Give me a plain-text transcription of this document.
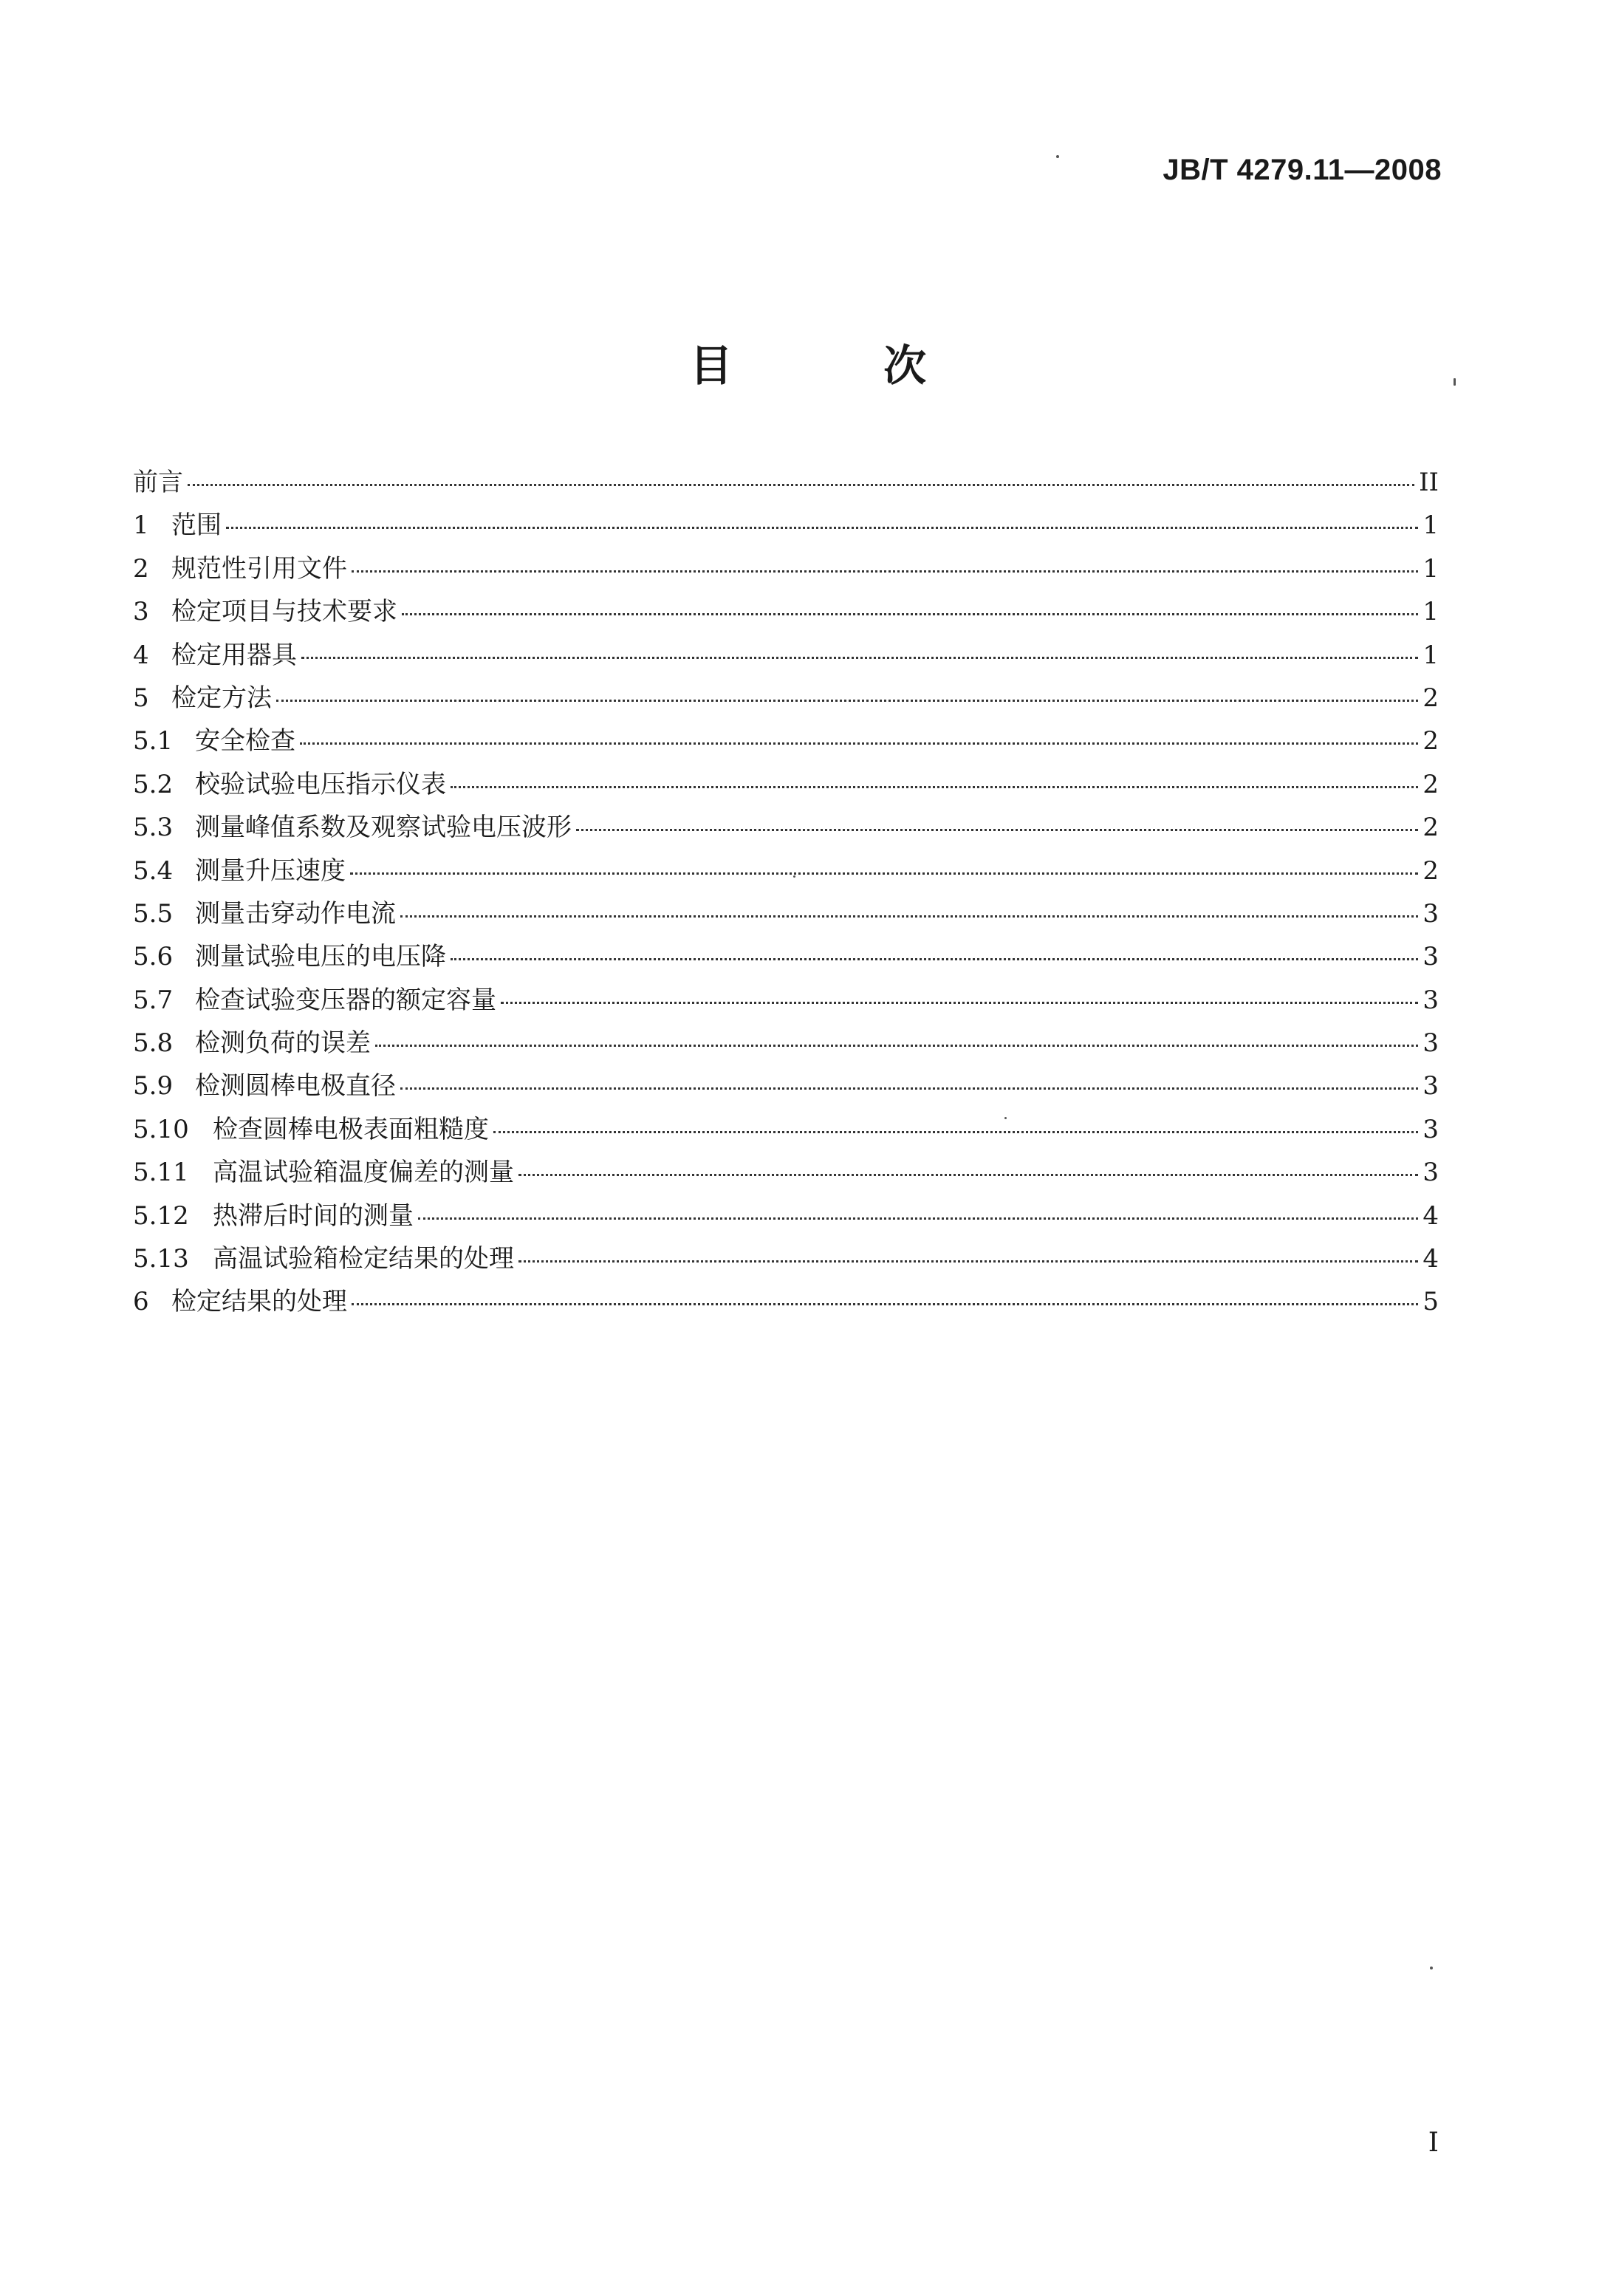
JB/T 4279.11—2008
目 次
前言	II
1 范围	1
2 规范性引用文件	1
3 检定项目与技术要求	1
4 检定用器具	1
5 检定方法	2
5.1 安全检查	2
5.2 校验试验电压指示仪表	2
5.3 测量峰值系数及观察试验电压波形	2
5.4 测量升压速度	2
5.5 测量击穿动作电流	3
5.6 测量试验电压的电压降	3
5.7 检查试验变压器的额定容量	3
5.8 检测负荷的误差	3
5.9 检测圆棒电极直径	3
5.10 检查圆棒电极表面粗糙度	3
5.11 高温试验箱温度偏差的测量	3
5.12 热滞后时间的测量	4
5.13 高温试验箱检定结果的处理	4
6 检定结果的处理	5
I
